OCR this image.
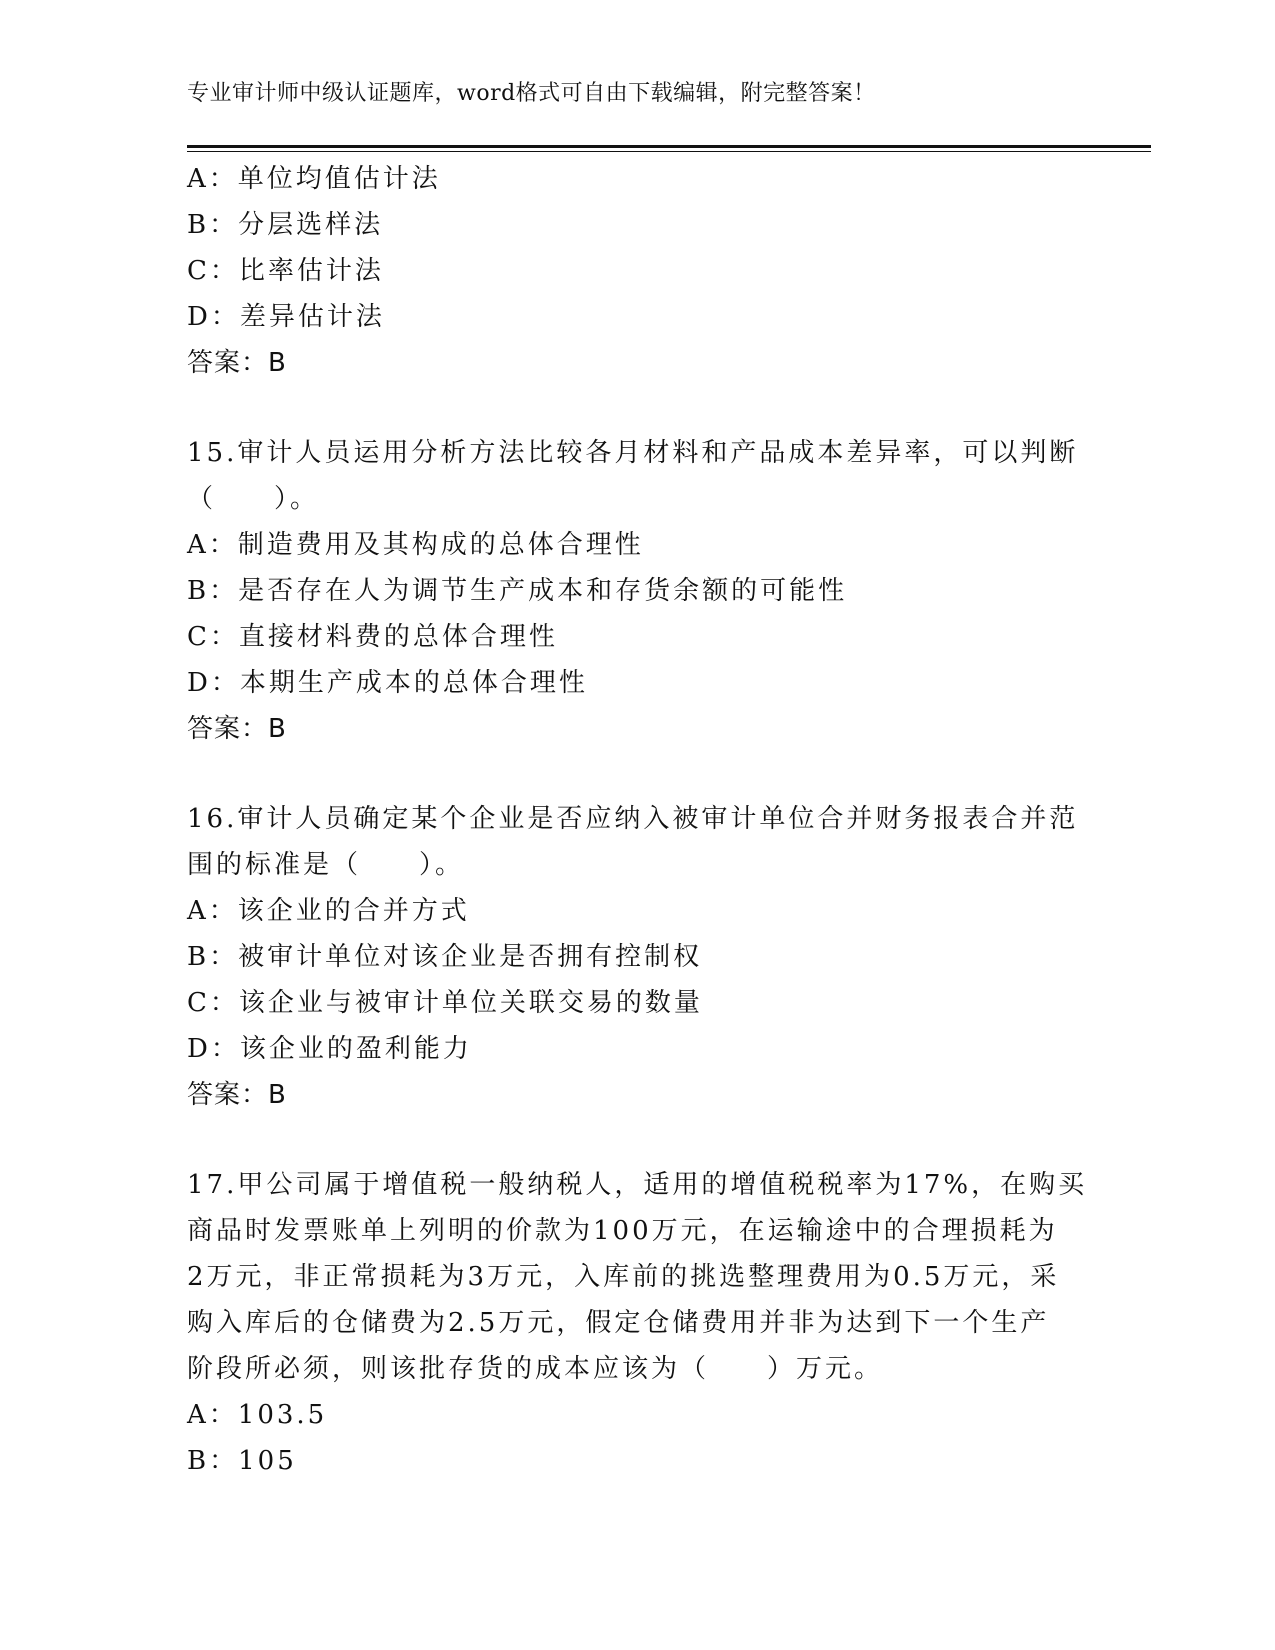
专业审计师中级认证题库，word格式可自由下载编辑，附完整答案！
A：单位均值估计法
B：分层选样法
C：比率估计法
D：差异估计法
答案：B
15.审计人员运用分析方法比较各月材料和产品成本差异率，可以判断
（　　）。
A：制造费用及其构成的总体合理性
B：是否存在人为调节生产成本和存货余额的可能性
C：直接材料费的总体合理性
D：本期生产成本的总体合理性
答案：B
16.审计人员确定某个企业是否应纳入被审计单位合并财务报表合并范
围的标准是（　　）。
A：该企业的合并方式
B：被审计单位对该企业是否拥有控制权
C：该企业与被审计单位关联交易的数量
D：该企业的盈利能力
答案：B
17.甲公司属于增值税一般纳税人，适用的增值税税率为17%，在购买
商品时发票账单上列明的价款为100万元，在运输途中的合理损耗为
2万元，非正常损耗为3万元，入库前的挑选整理费用为0.5万元，采
购入库后的仓储费为2.5万元，假定仓储费用并非为达到下一个生产
阶段所必须，则该批存货的成本应该为（　　）万元。
A：103.5
B：105
